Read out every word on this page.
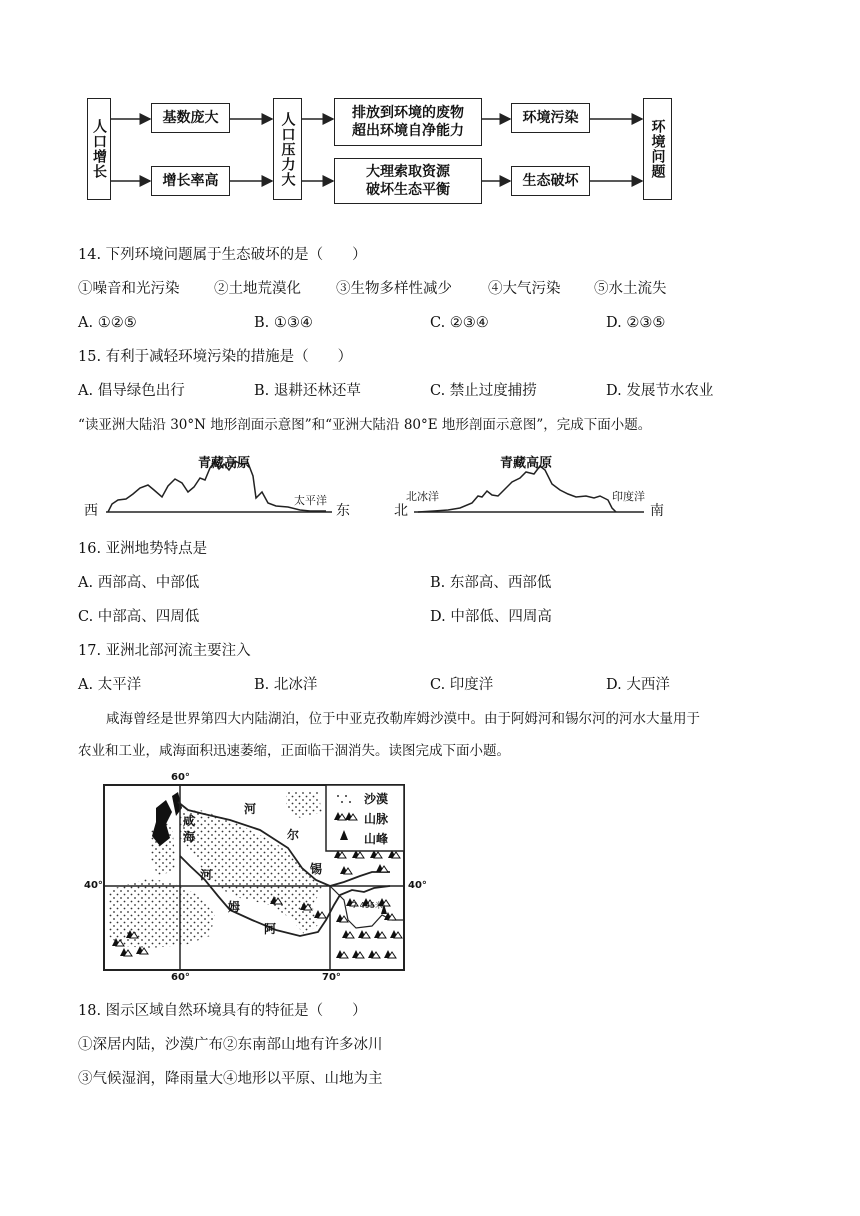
人口增长
基数庞大
增长率高	人口压力大	排放到环境的废物
超出环境自净能力
大理索取资源
破坏生态平衡
环境污染
生态破坏
环境问题
14. 下列环境问题属于生态破坏的是（　　）
①噪音和光污染 ②土地荒漠化 ③生物多样性减少 ④大气污染 ⑤水土流失
A. ①②⑤	B. ①③④	C. ②③④	D. ②③⑤
15. 有利于减轻环境污染的措施是（　　）
A. 倡导绿色出行	B. 退耕还林还草	C. 禁止过度捕捞	D. 发展节水农业
“读亚洲大陆沿 30°N 地形剖面示意图”和“亚洲大陆沿 80°E 地形剖面示意图”，完成下面小题。
青藏高原
西	东
太平洋
青藏高原
北	南
北冰洋	印度洋
16. 亚洲地势特点是
A. 西部高、中部低	B. 东部高、西部低
C. 中部高、四周低	D. 中部低、四周高
17. 亚洲北部河流主要注入
A. 太平洋	B. 北冰洋	C. 印度洋	D. 大西洋
咸海曾经是世界第四大内陆湖泊，位于中亚克孜勒库姆沙漠中。由于阿姆河和锡尔河的河水大量用于
农业和工业，咸海面积迅速萎缩，正面临干涸消失。读图完成下面小题。
沙漠
山脉
山峰
60°
60°	70°
40°	40°
咸
海
河
尔
锡
河
姆
阿
7 495米
18. 图示区域自然环境具有的特征是（　　）
①深居内陆，沙漠广布②东南部山地有许多冰川
③气候湿润，降雨量大④地形以平原、山地为主
